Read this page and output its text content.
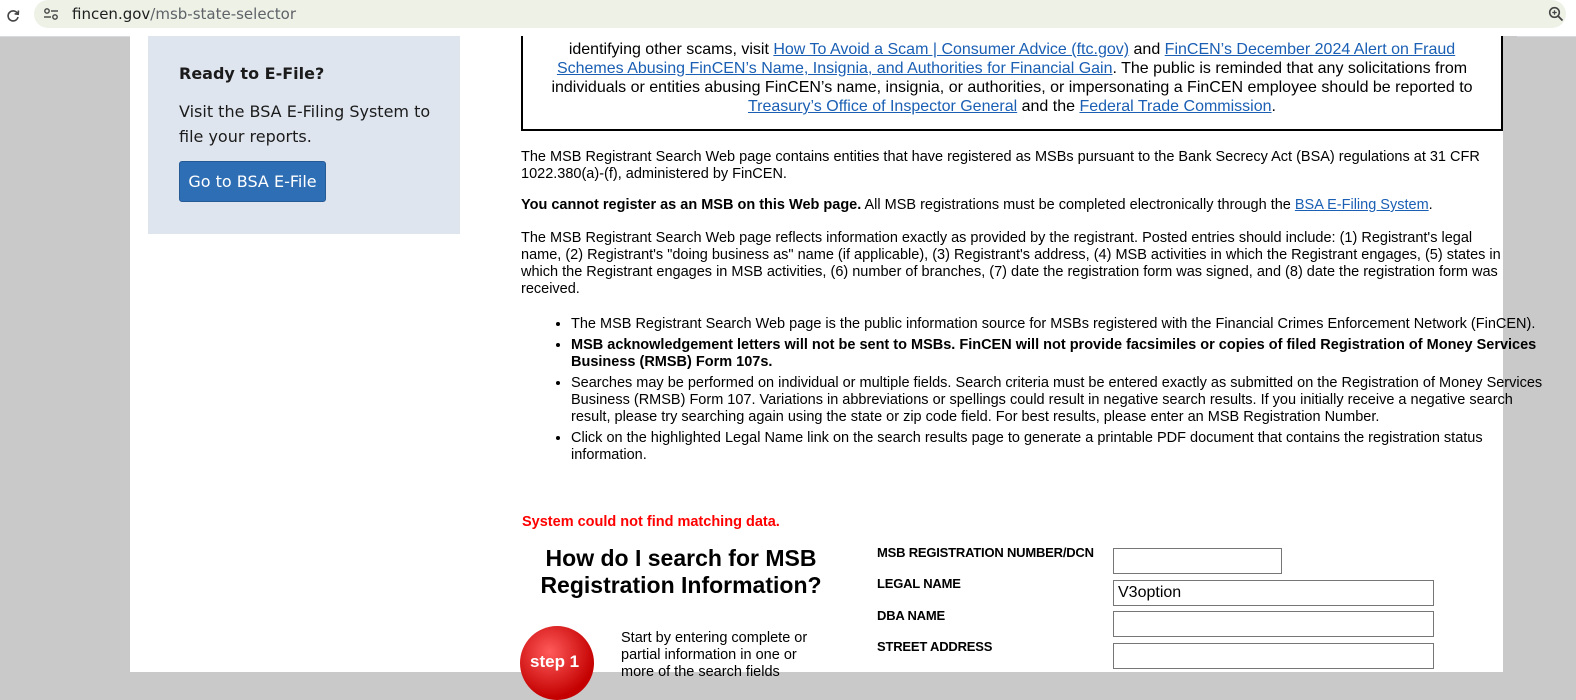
fincen.gov/msb-state-selector
Ready to E-File?
Visit the BSA E-Filing System to file your reports.
Go to BSA E-File
identifying other scams, visit How To Avoid a Scam | Consumer Advice (ftc.gov) and FinCEN’s December 2024 Alert on Fraud Schemes Abusing FinCEN’s Name, Insignia, and Authorities for Financial Gain. The public is reminded that any solicitations from individuals or entities abusing FinCEN’s name, insignia, or authorities, or impersonating a FinCEN employee should be reported to Treasury’s Office of Inspector General and the Federal Trade Commission.
The MSB Registrant Search Web page contains entities that have registered as MSBs pursuant to the Bank Secrecy Act (BSA) regulations at 31 CFR 1022.380(a)-(f), administered by FinCEN.
You cannot register as an MSB on this Web page. All MSB registrations must be completed electronically through the BSA E-Filing System.
The MSB Registrant Search Web page reflects information exactly as provided by the registrant. Posted entries should include: (1) Registrant's legal name, (2) Registrant's "doing business as" name (if applicable), (3) Registrant's address, (4) MSB activities in which the Registrant engages, (5) states in which the Registrant engages in MSB activities, (6) number of branches, (7) date the registration form was signed, and (8) date the registration form was received.
• The MSB Registrant Search Web page is the public information source for MSBs registered with the Financial Crimes Enforcement Network (FinCEN).
• MSB acknowledgement letters will not be sent to MSBs. FinCEN will not provide facsimiles or copies of filed Registration of Money Services Business (RMSB) Form 107s.
• Searches may be performed on individual or multiple fields. Search criteria must be entered exactly as submitted on the Registration of Money Services Business (RMSB) Form 107. Variations in abbreviations or spellings could result in negative search results. If you initially receive a negative search result, please try searching again using the state or zip code field. For best results, please enter an MSB Registration Number.
• Click on the highlighted Legal Name link on the search results page to generate a printable PDF document that contains the registration status information.
System could not find matching data.
How do I search for MSB Registration Information?
step 1
Start by entering complete or partial information in one or more of the search fields
MSB REGISTRATION NUMBER/DCN
LEGAL NAME
V3option
DBA NAME
STREET ADDRESS
